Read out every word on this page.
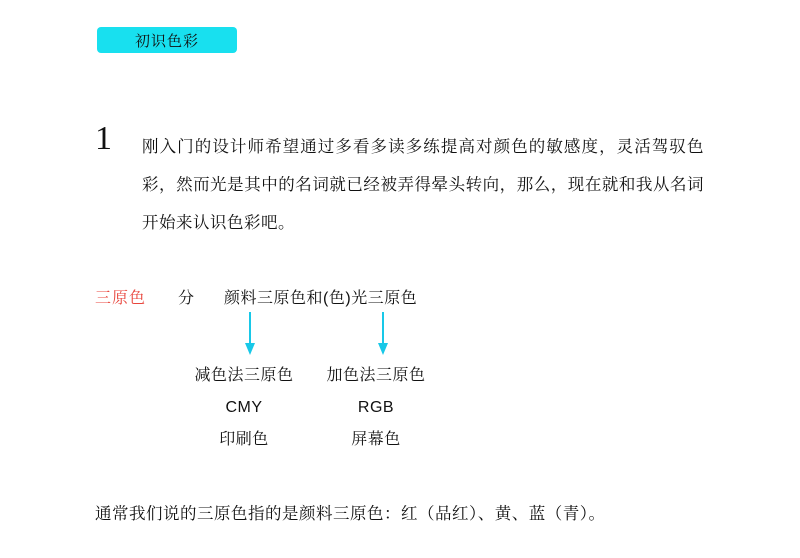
初识色彩
1 刚入门的设计师希望通过多看多读多练提高对颜色的敏感度，灵活驾驭色彩，然而光是其中的名词就已经被弄得晕头转向，那么，现在就和我从名词开始来认识色彩吧。
三原色 分 颜料三原色和(色)光三原色
减色法三原色
CMY
印刷色
加色法三原色
RGB
屏幕色
通常我们说的三原色指的是颜料三原色：红（品红）、黄、蓝（青）。
